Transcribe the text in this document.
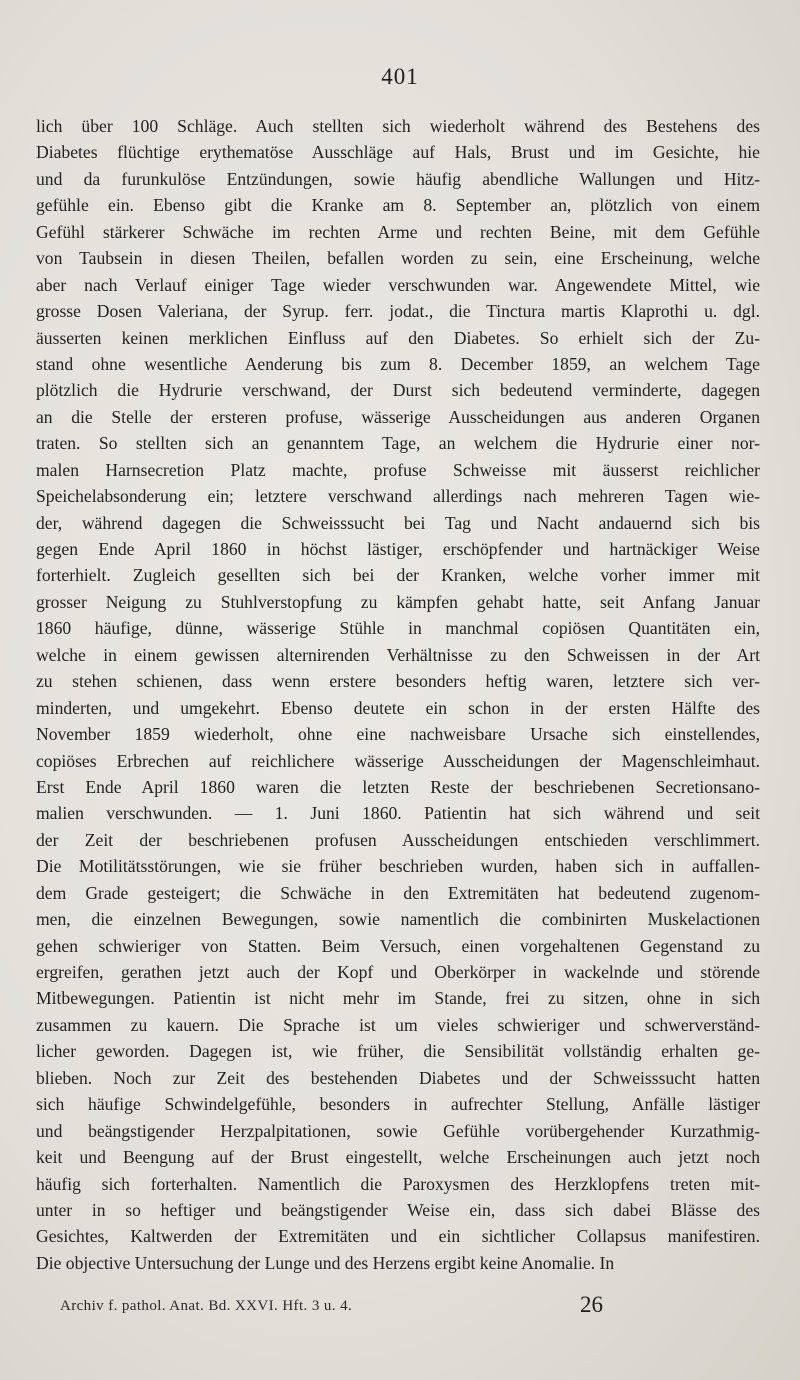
401
lich über 100 Schläge. Auch stellten sich wiederholt während des Bestehens des
Diabetes flüchtige erythematöse Ausschläge auf Hals, Brust und im Gesichte, hie
und da furunkulöse Entzündungen, sowie häufig abendliche Wallungen und Hitz-
gefühle ein. Ebenso gibt die Kranke am 8. September an, plötzlich von einem
Gefühl stärkerer Schwäche im rechten Arme und rechten Beine, mit dem Gefühle
von Taubsein in diesen Theilen, befallen worden zu sein, eine Erscheinung, welche
aber nach Verlauf einiger Tage wieder verschwunden war. Angewendete Mittel, wie
grosse Dosen Valeriana, der Syrup. ferr. jodat., die Tinctura martis Klaprothi u. dgl.
äusserten keinen merklichen Einfluss auf den Diabetes. So erhielt sich der Zu-
stand ohne wesentliche Aenderung bis zum 8. December 1859, an welchem Tage
plötzlich die Hydrurie verschwand, der Durst sich bedeutend verminderte, dagegen
an die Stelle der ersteren profuse, wässerige Ausscheidungen aus anderen Organen
traten. So stellten sich an genanntem Tage, an welchem die Hydrurie einer nor-
malen Harnsecretion Platz machte, profuse Schweisse mit äusserst reichlicher
Speichelabsonderung ein; letztere verschwand allerdings nach mehreren Tagen wie-
der, während dagegen die Schweisssucht bei Tag und Nacht andauernd sich bis
gegen Ende April 1860 in höchst lästiger, erschöpfender und hartnäckiger Weise
forterhielt. Zugleich gesellten sich bei der Kranken, welche vorher immer mit
grosser Neigung zu Stuhlverstopfung zu kämpfen gehabt hatte, seit Anfang Januar
1860 häufige, dünne, wässerige Stühle in manchmal copiösen Quantitäten ein,
welche in einem gewissen alternirenden Verhältnisse zu den Schweissen in der Art
zu stehen schienen, dass wenn erstere besonders heftig waren, letztere sich ver-
minderten, und umgekehrt. Ebenso deutete ein schon in der ersten Hälfte des
November 1859 wiederholt, ohne eine nachweisbare Ursache sich einstellendes,
copiöses Erbrechen auf reichlichere wässerige Ausscheidungen der Magenschleimhaut.
Erst Ende April 1860 waren die letzten Reste der beschriebenen Secretionsano-
malien verschwunden. — 1. Juni 1860. Patientin hat sich während und seit
der Zeit der beschriebenen profusen Ausscheidungen entschieden verschlimmert.
Die Motilitätsstörungen, wie sie früher beschrieben wurden, haben sich in auffallen-
dem Grade gesteigert; die Schwäche in den Extremitäten hat bedeutend zugenom-
men, die einzelnen Bewegungen, sowie namentlich die combinirten Muskelactionen
gehen schwieriger von Statten. Beim Versuch, einen vorgehaltenen Gegenstand zu
ergreifen, gerathen jetzt auch der Kopf und Oberkörper in wackelnde und störende
Mitbewegungen. Patientin ist nicht mehr im Stande, frei zu sitzen, ohne in sich
zusammen zu kauern. Die Sprache ist um vieles schwieriger und schwerverständ-
licher geworden. Dagegen ist, wie früher, die Sensibilität vollständig erhalten ge-
blieben. Noch zur Zeit des bestehenden Diabetes und der Schweisssucht hatten
sich häufige Schwindelgefühle, besonders in aufrechter Stellung, Anfälle lästiger
und beängstigender Herzpalpitationen, sowie Gefühle vorübergehender Kurzathmig-
keit und Beengung auf der Brust eingestellt, welche Erscheinungen auch jetzt noch
häufig sich forterhalten. Namentlich die Paroxysmen des Herzklopfens treten mit-
unter in so heftiger und beängstigender Weise ein, dass sich dabei Blässe des
Gesichtes, Kaltwerden der Extremitäten und ein sichtlicher Collapsus manifestiren.
Die objective Untersuchung der Lunge und des Herzens ergibt keine Anomalie. In
Archiv f. pathol. Anat. Bd. XXVI. Hft. 3 u. 4.	26
